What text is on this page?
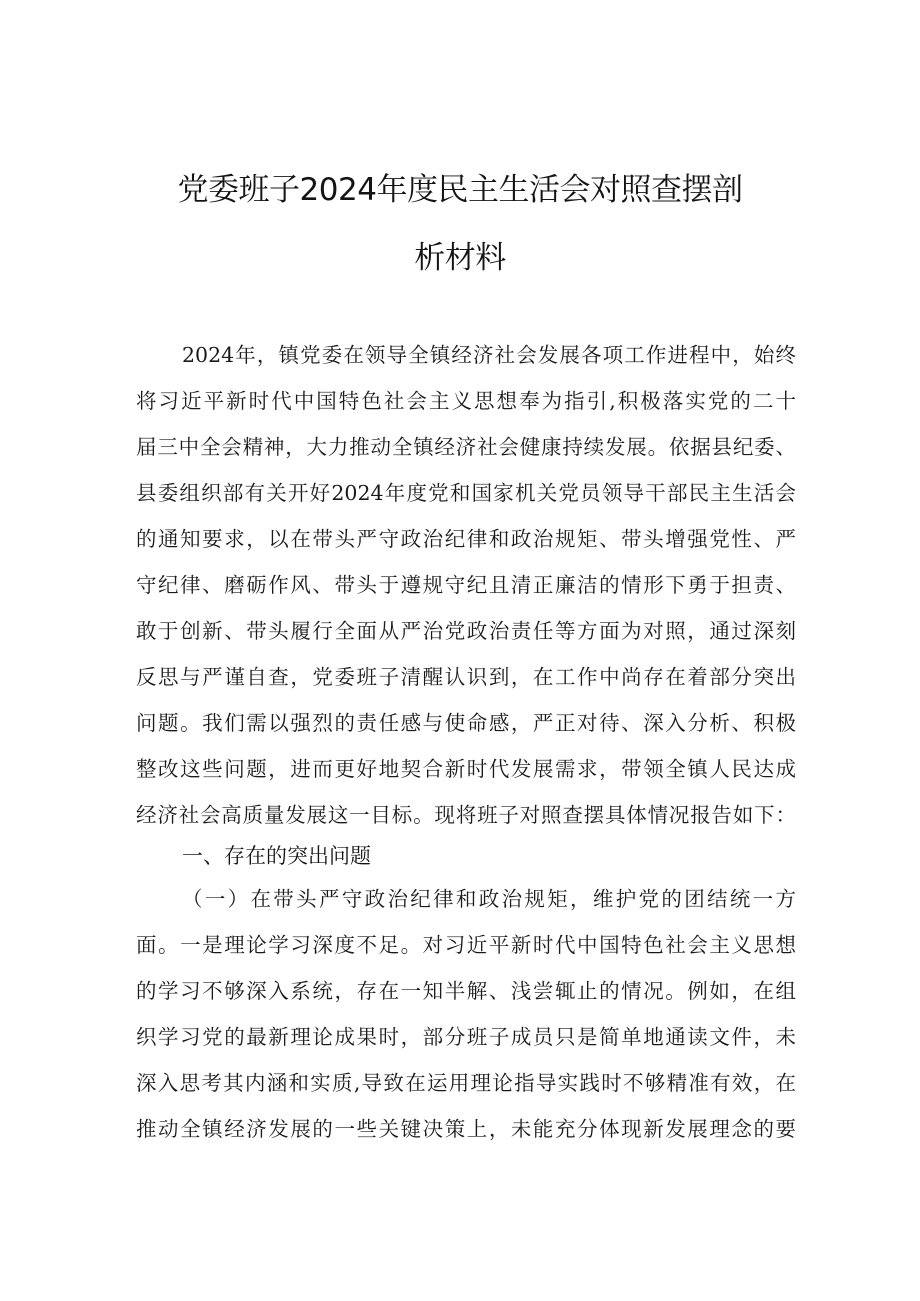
党委班子2024年度民主生活会对照查摆剖
析材料
2024年，镇党委在领导全镇经济社会发展各项工作进程中，始终
将习近平新时代中国特色社会主义思想奉为指引,积极落实党的二十
届三中全会精神，大力推动全镇经济社会健康持续发展。依据县纪委、
县委组织部有关开好2024年度党和国家机关党员领导干部民主生活会
的通知要求，以在带头严守政治纪律和政治规矩、带头增强党性、严
守纪律、磨砺作风、带头于遵规守纪且清正廉洁的情形下勇于担责、
敢于创新、带头履行全面从严治党政治责任等方面为对照，通过深刻
反思与严谨自查，党委班子清醒认识到，在工作中尚存在着部分突出
问题。我们需以强烈的责任感与使命感，严正对待、深入分析、积极
整改这些问题，进而更好地契合新时代发展需求，带领全镇人民达成
经济社会高质量发展这一目标。现将班子对照查摆具体情况报告如下：
一、存在的突出问题
（一）在带头严守政治纪律和政治规矩，维护党的团结统一方
面。一是理论学习深度不足。对习近平新时代中国特色社会主义思想
的学习不够深入系统，存在一知半解、浅尝辄止的情况。例如，在组
织学习党的最新理论成果时，部分班子成员只是简单地通读文件，未
深入思考其内涵和实质,导致在运用理论指导实践时不够精准有效，在
推动全镇经济发展的一些关键决策上，未能充分体现新发展理念的要
